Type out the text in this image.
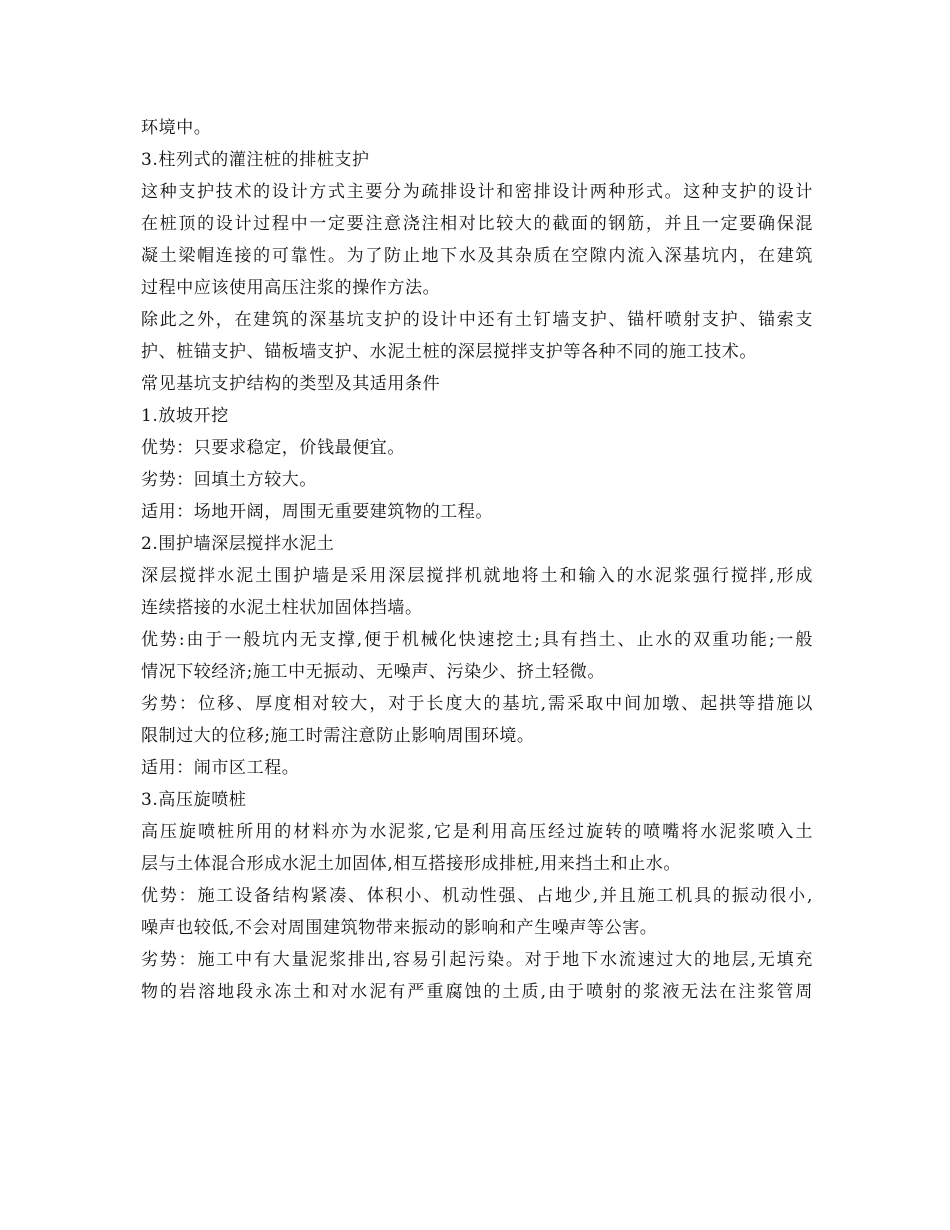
环境中。
3.柱列式的灌注桩的排桩支护
这种支护技术的设计方式主要分为疏排设计和密排设计两种形式。这种支护的设计
在桩顶的设计过程中一定要注意浇注相对比较大的截面的钢筋，并且一定要确保混
凝土梁帽连接的可靠性。为了防止地下水及其杂质在空隙内流入深基坑内，在建筑
过程中应该使用高压注浆的操作方法。
除此之外，在建筑的深基坑支护的设计中还有土钉墙支护、锚杆喷射支护、锚索支
护、桩锚支护、锚板墙支护、水泥土桩的深层搅拌支护等各种不同的施工技术。
常见基坑支护结构的类型及其适用条件
1.放坡开挖
优势：只要求稳定，价钱最便宜。
劣势：回填土方较大。
适用：场地开阔，周围无重要建筑物的工程。
2.围护墙深层搅拌水泥土
深层搅拌水泥土围护墙是采用深层搅拌机就地将土和输入的水泥浆强行搅拌,形成
连续搭接的水泥土柱状加固体挡墙。
优势:由于一般坑内无支撑,便于机械化快速挖土;具有挡土、止水的双重功能;一般
情况下较经济;施工中无振动、无噪声、污染少、挤土轻微。
劣势：位移、厚度相对较大，对于长度大的基坑,需采取中间加墩、起拱等措施以
限制过大的位移;施工时需注意防止影响周围环境。
适用：闹市区工程。
3.高压旋喷桩
高压旋喷桩所用的材料亦为水泥浆,它是利用高压经过旋转的喷嘴将水泥浆喷入土
层与土体混合形成水泥土加固体,相互搭接形成排桩,用来挡土和止水。
优势：施工设备结构紧凑、体积小、机动性强、占地少,并且施工机具的振动很小,
噪声也较低,不会对周围建筑物带来振动的影响和产生噪声等公害。
劣势：施工中有大量泥浆排出,容易引起污染。对于地下水流速过大的地层,无填充
物的岩溶地段永冻土和对水泥有严重腐蚀的土质,由于喷射的浆液无法在注浆管周
